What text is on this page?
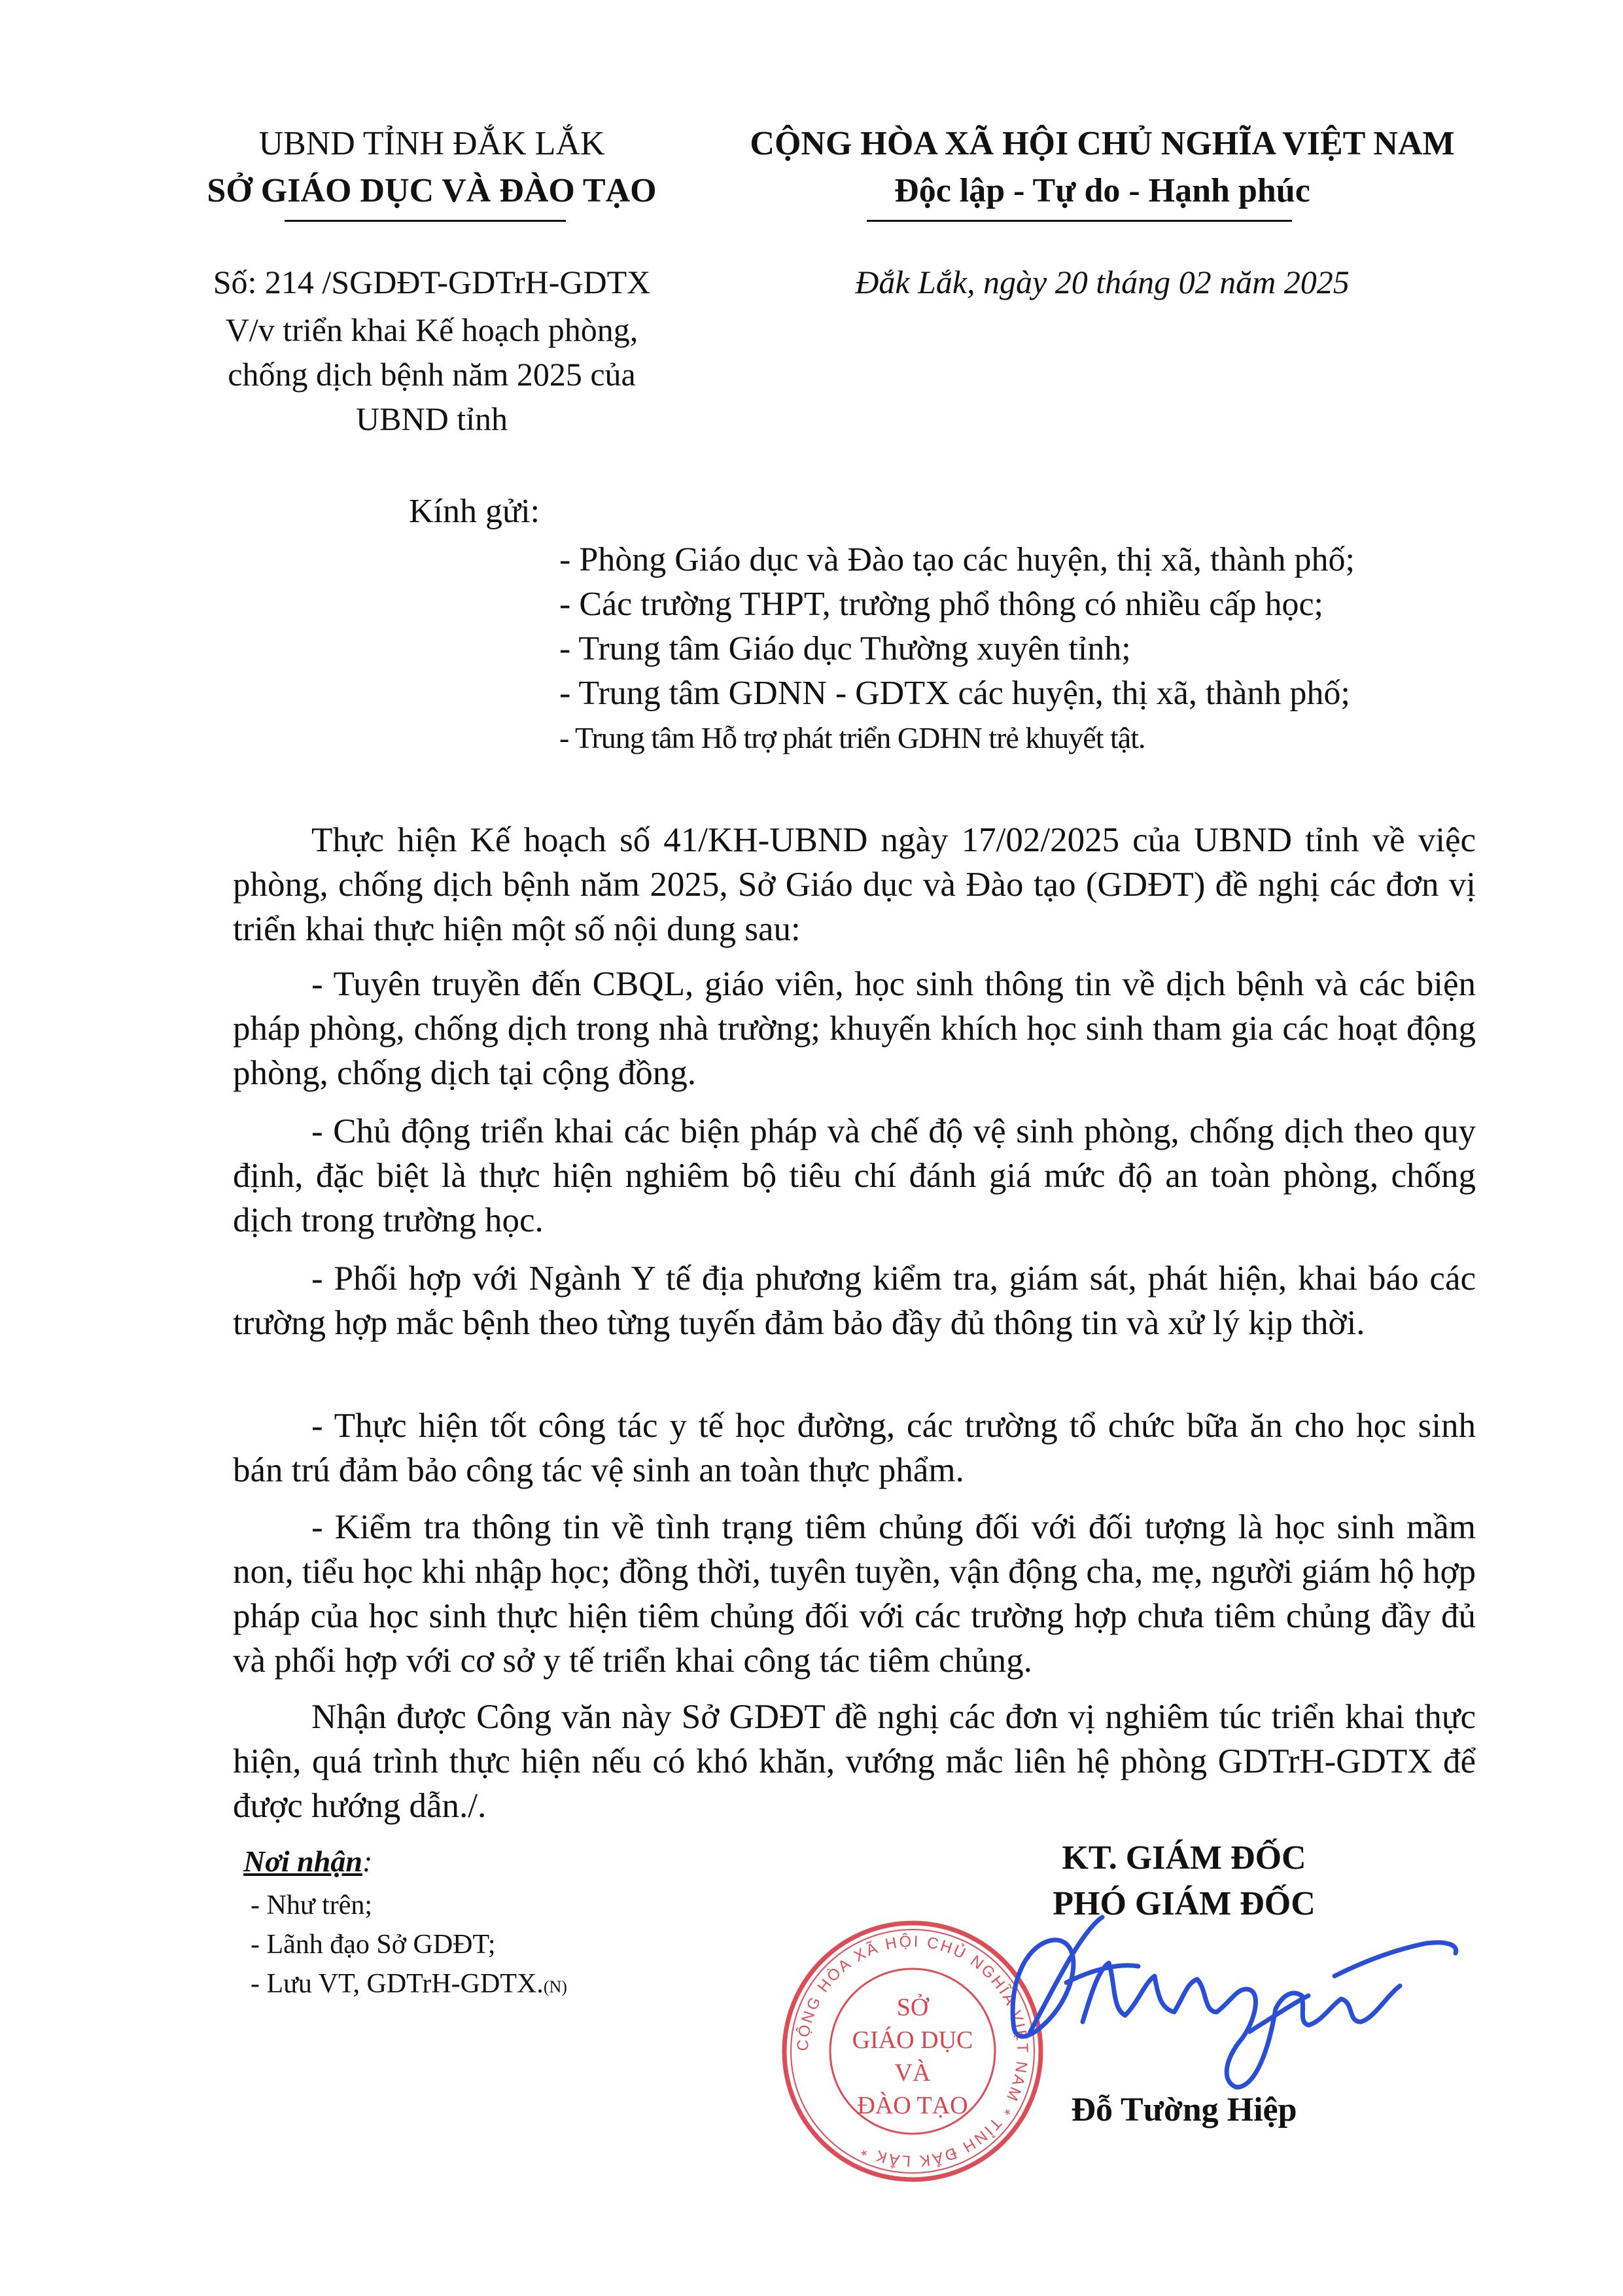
UBND TỈNH ĐẮK LẮK
SỞ GIÁO DỤC VÀ ĐÀO TẠO
Số: 214 /SGDĐT-GDTrH-GDTX
V/v triển khai Kế hoạch phòng,
chống dịch bệnh năm 2025 của
UBND tỉnh
CỘNG HÒA XÃ HỘI CHỦ NGHĨA VIỆT NAM
Độc lập - Tự do - Hạnh phúc
Đắk Lắk, ngày 20 tháng 02 năm 2025
Kính gửi:
- Phòng Giáo dục và Đào tạo các huyện, thị xã, thành phố;
- Các trường THPT, trường phổ thông có nhiều cấp học;
- Trung tâm Giáo dục Thường xuyên tỉnh;
- Trung tâm GDNN - GDTX các huyện, thị xã, thành phố;
- Trung tâm Hỗ trợ phát triển GDHN trẻ khuyết tật.

Thực hiện Kế hoạch số 41/KH-UBND ngày 17/02/2025 của UBND tỉnh về việc phòng, chống dịch bệnh năm 2025, Sở Giáo dục và Đào tạo (GDĐT) đề nghị các đơn vị triển khai thực hiện một số nội dung sau:

- Tuyên truyền đến CBQL, giáo viên, học sinh thông tin về dịch bệnh và các biện pháp phòng, chống dịch trong nhà trường; khuyến khích học sinh tham gia các hoạt động phòng, chống dịch tại cộng đồng.

- Chủ động triển khai các biện pháp và chế độ vệ sinh phòng, chống dịch theo quy định, đặc biệt là thực hiện nghiêm bộ tiêu chí đánh giá mức độ an toàn phòng, chống dịch trong trường học.

- Phối hợp với Ngành Y tế địa phương kiểm tra, giám sát, phát hiện, khai báo các trường hợp mắc bệnh theo từng tuyến đảm bảo đầy đủ thông tin và xử lý kịp thời.

- Thực hiện tốt công tác y tế học đường, các trường tổ chức bữa ăn cho học sinh bán trú đảm bảo công tác vệ sinh an toàn thực phẩm.

- Kiểm tra thông tin về tình trạng tiêm chủng đối với đối tượng là học sinh mầm non, tiểu học khi nhập học; đồng thời, tuyên tuyền, vận động cha, mẹ, người giám hộ hợp pháp của học sinh thực hiện tiêm chủng đối với các trường hợp chưa tiêm chủng đầy đủ và phối hợp với cơ sở y tế triển khai công tác tiêm chủng.

Nhận được Công văn này Sở GDĐT đề nghị các đơn vị nghiêm túc triển khai thực hiện, quá trình thực hiện nếu có khó khăn, vướng mắc liên hệ phòng GDTrH-GDTX để được hướng dẫn./.

Nơi nhận:
- Như trên;
- Lãnh đạo Sở GDĐT;
- Lưu VT, GDTrH-GDTX.(N)
KT. GIÁM ĐỐC
PHÓ GIÁM ĐỐC
CỘNG HÒA XÃ HỘI CHỦ NGHĨA VIỆT NAM * TỈNH ĐẮK LẮK *
SỞ
GIÁO DỤC
VÀ
ĐÀO TẠO	Đỗ Tường Hiệp
